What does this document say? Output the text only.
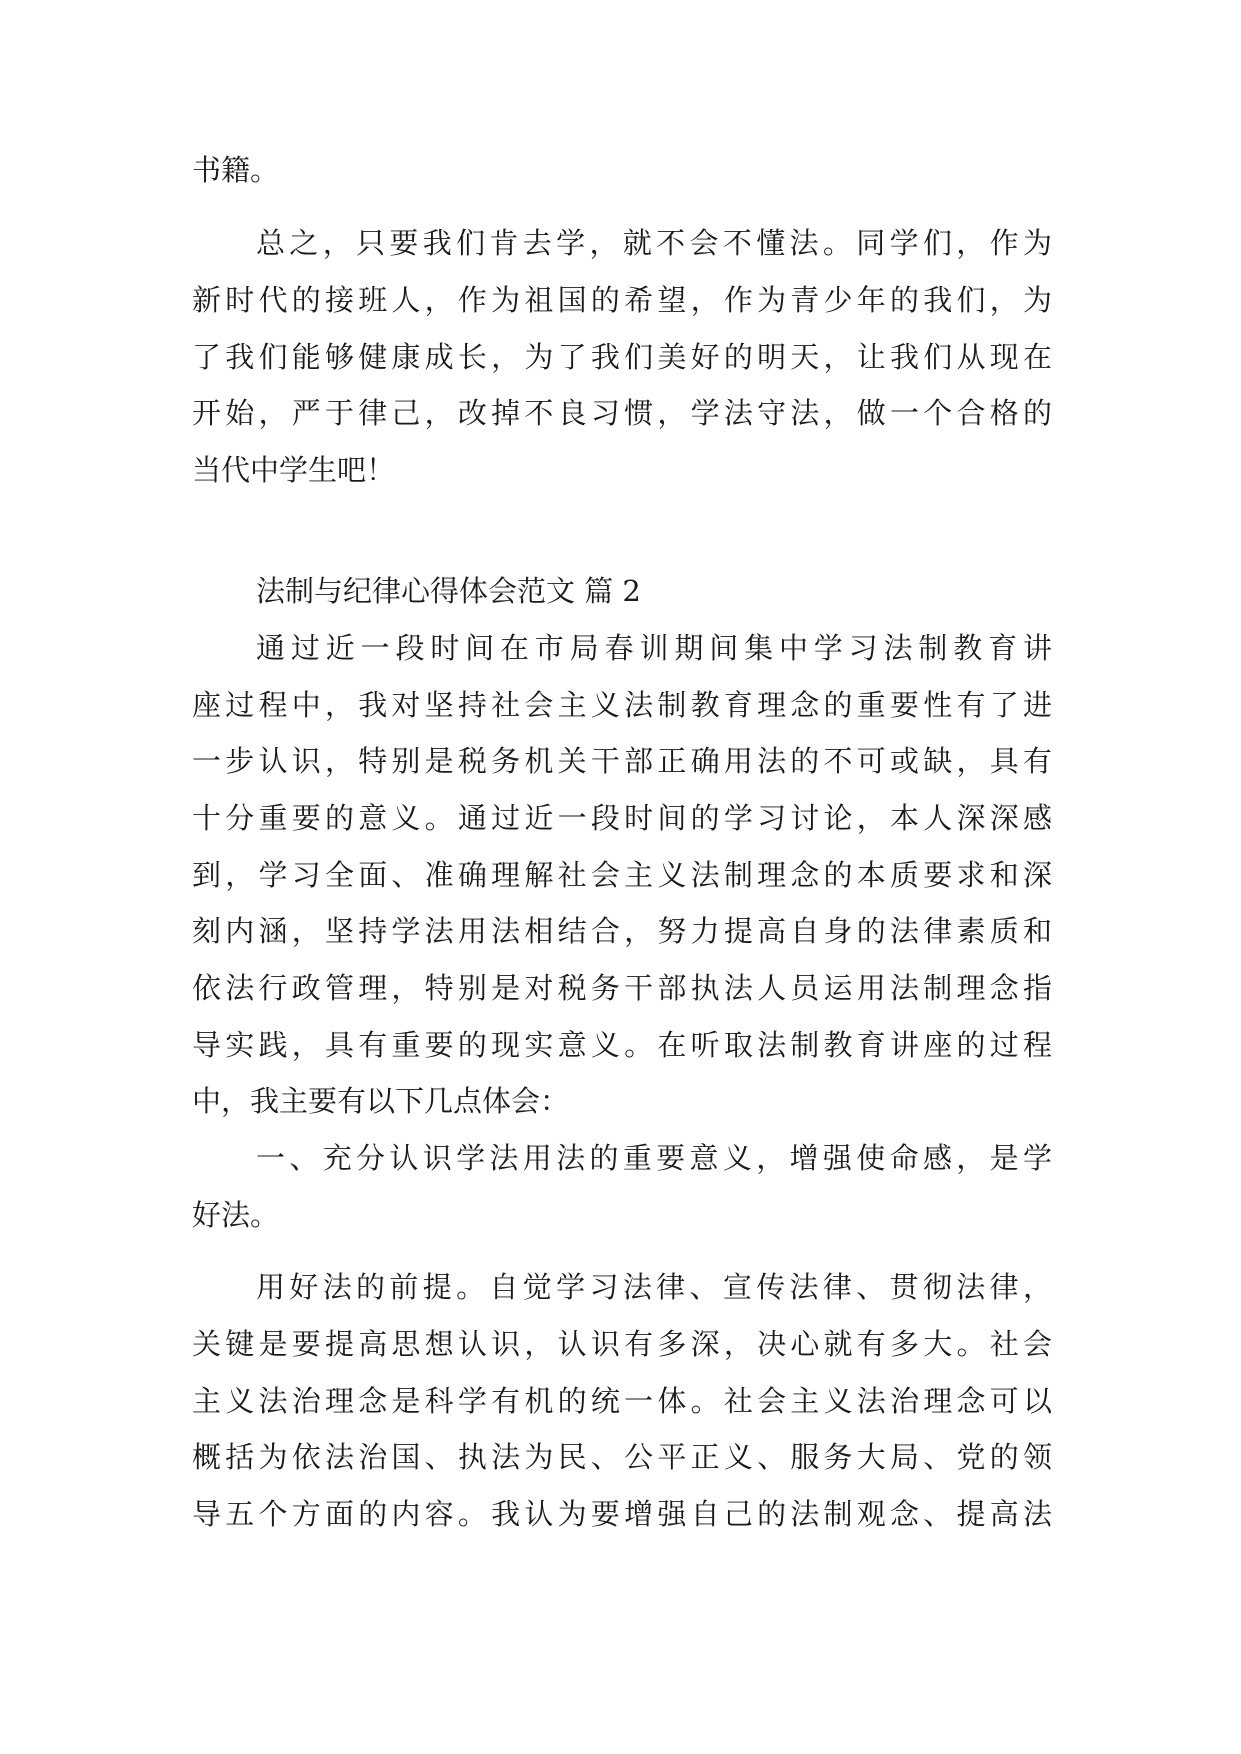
书籍。
总之，只要我们肯去学，就不会不懂法。同学们，作为
新时代的接班人，作为祖国的希望，作为青少年的我们，为
了我们能够健康成长，为了我们美好的明天，让我们从现在
开始，严于律己，改掉不良习惯，学法守法，做一个合格的
当代中学生吧！
法制与纪律心得体会范文 篇 2
通过近一段时间在市局春训期间集中学习法制教育讲
座过程中，我对坚持社会主义法制教育理念的重要性有了进
一步认识，特别是税务机关干部正确用法的不可或缺，具有
十分重要的意义。通过近一段时间的学习讨论，本人深深感
到，学习全面、准确理解社会主义法制理念的本质要求和深
刻内涵，坚持学法用法相结合，努力提高自身的法律素质和
依法行政管理，特别是对税务干部执法人员运用法制理念指
导实践，具有重要的现实意义。在听取法制教育讲座的过程
中，我主要有以下几点体会：
一、充分认识学法用法的重要意义，增强使命感，是学
好法。
用好法的前提。自觉学习法律、宣传法律、贯彻法律，
关键是要提高思想认识，认识有多深，决心就有多大。社会
主义法治理念是科学有机的统一体。社会主义法治理念可以
概括为依法治国、执法为民、公平正义、服务大局、党的领
导五个方面的内容。我认为要增强自己的法制观念、提高法
